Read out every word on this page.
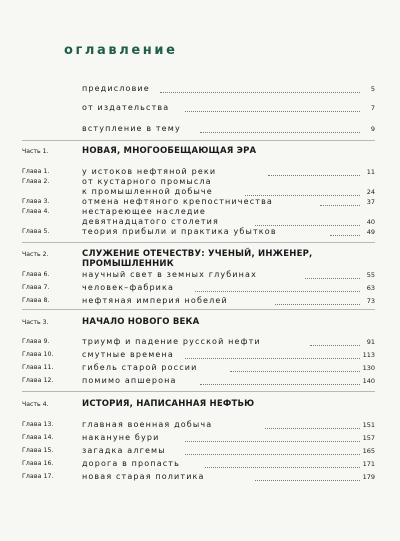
оглавление
предисловие	5
от издательства	7
вступление в тему	9
Часть 1.	НОВАЯ, МНОГООБЕЩАЮЩАЯ ЭРА
Глава 1.	у истоков нефтяной реки	11
Глава 2.	от кустарного промысла
к промышленной добыче	24
Глава 3.	отмена нефтяного крепостничества	37
Глава 4.	нестареющее наследие
девятнадцатого столетия	40
Глава 5.	теория прибыли и практика убытков	49
Часть 2.	СЛУЖЕНИЕ ОТЕЧЕСТВУ: УЧЕНЫЙ, ИНЖЕНЕР, ПРОМЫШЛЕННИК
Глава 6.	научный свет в земных глубинах	55
Глава 7.	человек–фабрика	63
Глава 8.	нефтяная империя нобелей	73
Часть 3.	НАЧАЛО НОВОГО ВЕКА
Глава 9.	триумф и падение русской нефти	91
Глава 10.	смутные времена	113
Глава 11.	гибель старой россии	130
Глава 12.	помимо апшерона	140
Часть 4.	ИСТОРИЯ, НАПИСАННАЯ НЕФТЬЮ
Глава 13.	главная военная добыча	151
Глава 14.	накануне бури	157
Глава 15.	загадка алгемы	165
Глава 16.	дорога в пропасть	171
Глава 17.	новая старая политика	179
